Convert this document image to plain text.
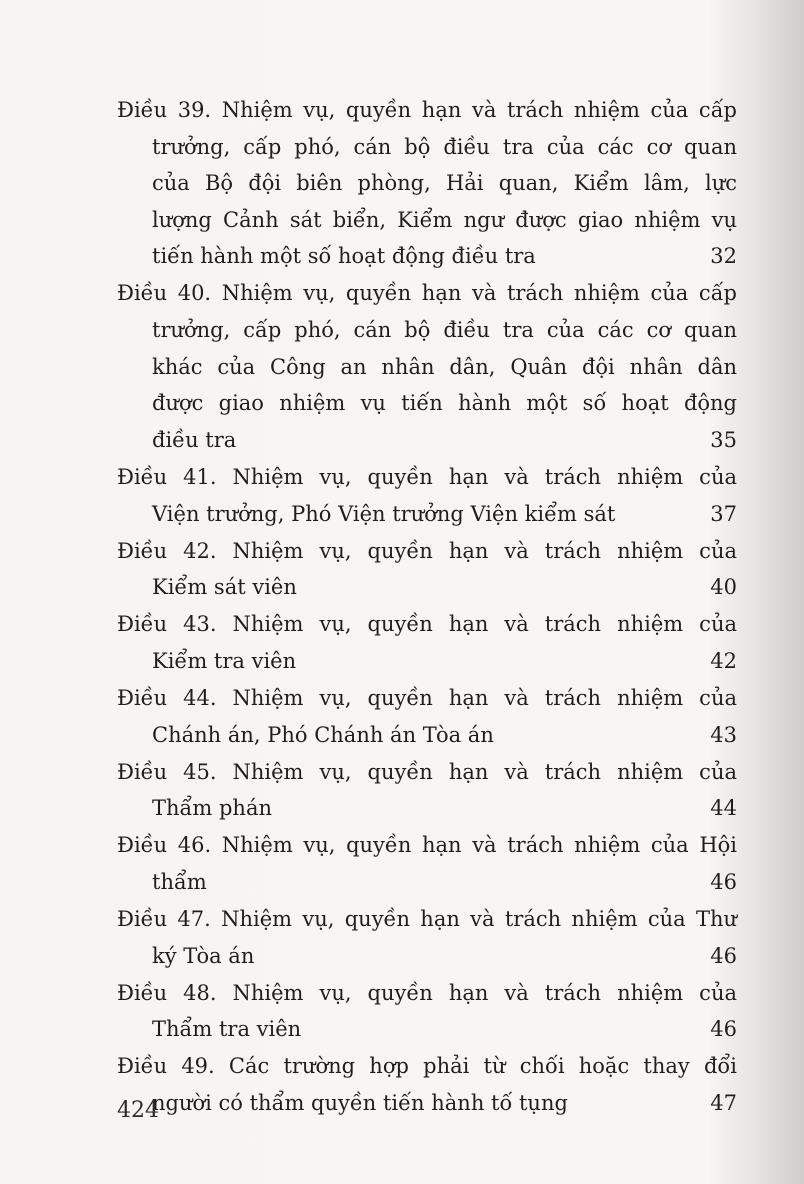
Điều 39. Nhiệm vụ, quyền hạn và trách nhiệm của cấp
trưởng, cấp phó, cán bộ điều tra của các cơ quan
của Bộ đội biên phòng, Hải quan, Kiểm lâm, lực
lượng Cảnh sát biển, Kiểm ngư được giao nhiệm vụ
tiến hành một số hoạt động điều tra	32
Điều 40. Nhiệm vụ, quyền hạn và trách nhiệm của cấp
trưởng, cấp phó, cán bộ điều tra của các cơ quan
khác của Công an nhân dân, Quân đội nhân dân
được giao nhiệm vụ tiến hành một số hoạt động
điều tra	35
Điều 41. Nhiệm vụ, quyền hạn và trách nhiệm của
Viện trưởng, Phó Viện trưởng Viện kiểm sát	37
Điều 42. Nhiệm vụ, quyền hạn và trách nhiệm của
Kiểm sát viên	40
Điều 43. Nhiệm vụ, quyền hạn và trách nhiệm của
Kiểm tra viên	42
Điều 44. Nhiệm vụ, quyền hạn và trách nhiệm của
Chánh án, Phó Chánh án Tòa án	43
Điều 45. Nhiệm vụ, quyền hạn và trách nhiệm của
Thẩm phán	44
Điều 46. Nhiệm vụ, quyền hạn và trách nhiệm của Hội
thẩm	46
Điều 47. Nhiệm vụ, quyền hạn và trách nhiệm của Thư
ký Tòa án	46
Điều 48. Nhiệm vụ, quyền hạn và trách nhiệm của
Thẩm tra viên	46
Điều 49. Các trường hợp phải từ chối hoặc thay đổi
người có thẩm quyền tiến hành tố tụng	47
424
